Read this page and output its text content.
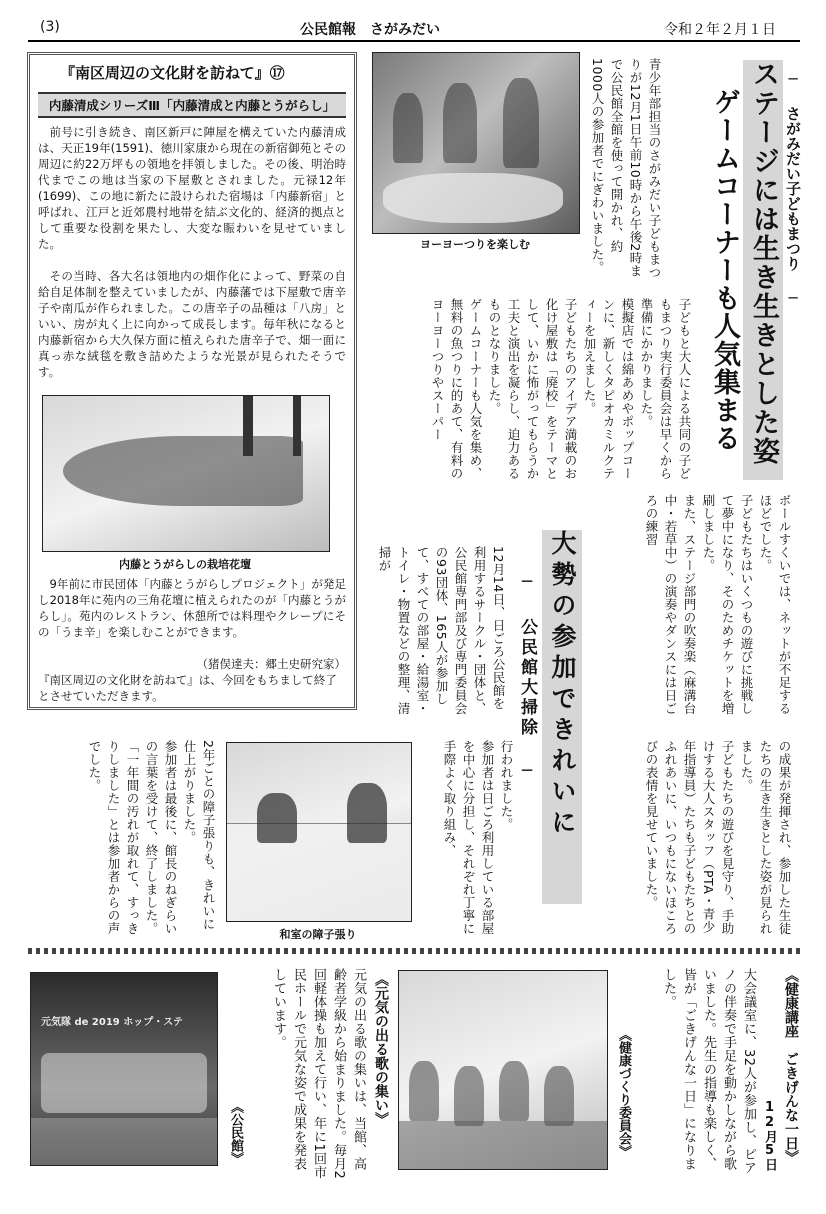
(3)	公民館報　さがみだい	令和２年２月１日
『南区周辺の文化財を訪ねて』⑰
内藤清成シリーズⅢ「内藤清成と内藤とうがらし」

前号に引き続き、南区新戸に陣屋を構えていた内藤清成は、天正19年(1591)、徳川家康から現在の新宿御苑とその周辺に約22万坪もの領地を拝領しました。その後、明治時代までこの地は当家の下屋敷とされました。元禄12年(1699)、この地に新たに設けられた宿場は「内藤新宿」と呼ばれ、江戸と近郊農村地帯を結ぶ文化的、経済的拠点として重要な役割を果たし、大変な賑わいを見せていました。

その当時、各大名は領地内の畑作化によって、野菜の自給自足体制を整えていましたが、内藤藩では下屋敷で唐辛子や南瓜が作られました。この唐辛子の品種は「八房」といい、房が丸く上に向かって成長します。毎年秋になると内藤新宿から大久保方面に植えられた唐辛子で、畑一面に真っ赤な絨毯を敷き詰めたような光景が見られたそうです。

内藤とうがらしの栽培花壇

9年前に市民団体「内藤とうがらしプロジェクト」が発足し2018年に苑内の三角花壇に植えられたのが「内藤とうがらし」。苑内のレストラン、休憩所では料理やクレープにその「うま辛」を楽しむことができます。

（猪俣達夫：郷土史研究家）

『南区周辺の文化財を訪ねて』は、今回をもちまして終了とさせていただきます。

ヨーヨーつりを楽しむ	─ さがみだい子どもまつり ─
ステージには生き生きとした姿
ゲームコーナーも人気集まる

青少年部担当のさがみだい子どもまつりが12月1日午前10時から午後2時まで公民館全館を使って開かれ、約1000人の参加者でにぎわいました。

子どもと大人による共同の子どもまつり実行委員会は早くから準備にかかりました。
模擬店では綿あめやポップコーンに、新しくタピオカミルクティーを加えました。
子どもたちのアイデア満載のお化け屋敷は「廃校」をテーマとして、いかに怖がってもらうか工夫と演出を凝らし、迫力あるものとなりました。
ゲームコーナーも人気を集め、無料の魚つりに的あて、有料のヨーヨーつりやスーパー

ボールすくいでは、ネットが不足するほどでした。
子どもたちはいくつもの遊びに挑戦して夢中になり、そのためチケットを増刷しました。
また、ステージ部門の吹奏楽（麻溝台中・若草中）の演奏やダンスには日ごろの練習

の成果が発揮され、参加した生徒たちの生き生きとした姿が見られました。
子どもたちの遊びを見守り、手助けする大人スタッフ（PTA・青少年指導員）たちも子どもたちとのふれあいに、いつもにないほころびの表情を見せていました。

大勢の参加できれいに
─ 公民館大掃除 ─

12月14日、日ごろ公民館を利用するサークル・団体と、公民館専門部及び専門委員会の93団体、165人が参加して、すべての部屋・給湯室・トイレ・物置などの整理、清掃が

行われました。
参加者は日ごろ利用している部屋を中心に分担し、それぞれ丁寧に手際よく取り組み、

和室の障子張り

2年ごとの障子張りも、きれいに仕上がりました。
参加者は最後に、館長のねぎらいの言葉を受けて、終了しました。
「一年間の汚れが取れて、すっきりしました」とは参加者からの声でした。

《健康講座　ごきげんな一日》
12月5日

大会議室に、32人が参加し、ピアノの伴奏で手足を動かしながら歌いました。先生の指導も楽しく、皆が「ごきげんな一日」になりました。

《健康づくり委員会》
《元気の出る歌の集い》

元気の出る歌の集いは、当館、高齢者学級から始まりました。毎月2回軽体操も加えて行い、年に1回市民ホールで元気な姿で成果を発表しています。

《公民館》
元気隊 de 2019 ホップ・ステ
